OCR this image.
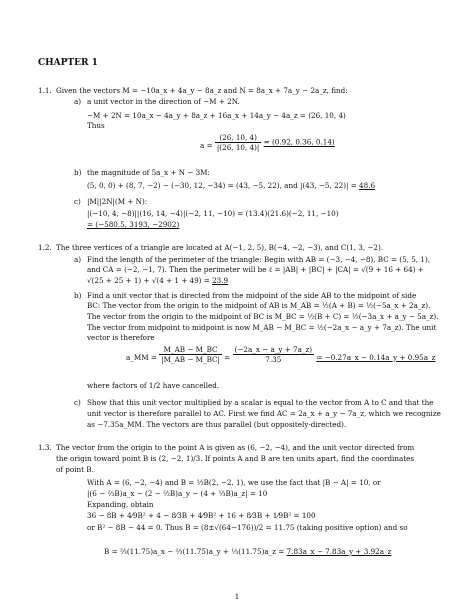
CHAPTER 1
1.1. Given the vectors M = −10a_x + 4a_y − 8a_z and N = 8a_x + 7a_y − 2a_z, find:
a) a unit vector in the direction of −M + 2N.
−M + 2N = 10a_x − 4a_y + 8a_z + 16a_x + 14a_y − 4a_z = (26, 10, 4)
Thus
$a = \frac{(26, 10, 4)}{|(26, 10, 4)|} = (0.92$, 0.36, 0.14)
b) the magnitude of 5a_x + N − 3M:
(5, 0, 0) + (8, 7, −2) − (−30, 12, −34) = (43, −5, 22), and |(43, −5, 22)| = 48.6
c) |M||2N|(M + N):
|(−10, 4, −8)||(16, 14, −4)|(−2, 11, −10) = (13.4)(21.6)(−2, 11, −10)
= (−580.5, 3193, −2902)
1.2. The three vertices of a triangle are located at A(−1, 2, 5), B(−4, −2, −3), and C(1, 3, −2).
a) Find the length of the perimeter of the triangle: Begin with AB = (−3, −4, −8), BC = (5, 5, 1),
and CA = (−2, −1, 7). Then the perimeter will be ℓ = |AB| + |BC| + |CA| = √(9 + 16 + 64) +
√(25 + 25 + 1) + √(4 + 1 + 49) = 23.9
b) Find a unit vector that is directed from the midpoint of the side AB to the midpoint of side
BC: The vector from the origin to the midpoint of AB is M_AB = ½(A + B) = ½(−5a_x + 2a_z).
The vector from the origin to the midpoint of BC is M_BC = ½(B + C) = ½(−3a_x + a_y − 5a_z).
The vector from midpoint to midpoint is now M_AB − M_BC = ½(−2a_x − a_y + 7a_z). The unit
vector is therefore
a_MM = $\frac{M\_AB - M\_BC}{|M\_AB - M\_BC|} = \frac{(-2a\_x - a\_y + 7a\_z)}{7.35}$ = −0.27a_x − 0.14a_y + 0.95a_z
where factors of 1/2 have cancelled.
c) Show that this unit vector multiplied by a scalar is equal to the vector from A to C and that the
unit vector is therefore parallel to AC. First we find AC = 2a_x + a_y − 7a_z, which we recognize
as −7.35a_MM. The vectors are thus parallel (but oppositely-directed).
1.3. The vector from the origin to the point A is given as (6, −2, −4), and the unit vector directed from
the origin toward point B is (2, −2, 1)/3. If points A and B are ten units apart, find the coordinates
of point B.
With A = (6, −2, −4) and B = ⅓B(2, −2, 1), we use the fact that |B − A| = 10, or
|(6 − ⅔B)a_x − (2 − ⅔B)a_y − (4 + ⅓B)a_z| = 10
Expanding, obtain
36 − 8B + 4⁄9B² + 4 − 8⁄3B + 4⁄9B² + 16 + 8⁄3B + 1⁄9B² = 100
or B² − 8B − 44 = 0. Thus B = (8±√(64−176))/2 = 11.75 (taking positive option) and so
B = ⅔(11.75)a_x − ⅔(11.75)a_y + ⅓(11.75)a_z = 7.83a_x − 7.83a_y + 3.92a_z
1
